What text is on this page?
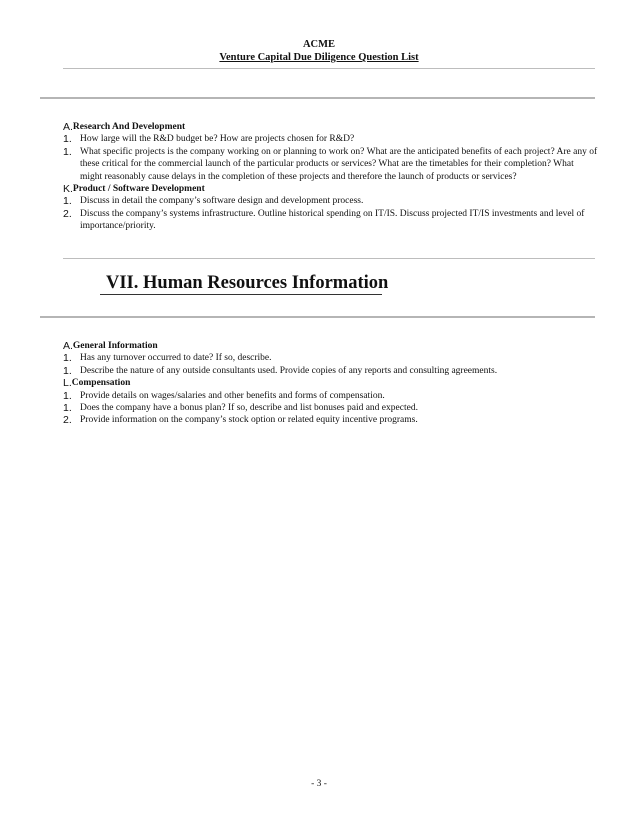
ACME
Venture Capital Due Diligence Question List
A. Research And Development
1. How large will the R&D budget be? How are projects chosen for R&D?
1. What specific projects is the company working on or planning to work on? What are the anticipated benefits of each project? Are any of these critical for the commercial launch of the particular products or services? What are the timetables for their completion? What might reasonably cause delays in the completion of these projects and therefore the launch of products or services?
K. Product / Software Development
1. Discuss in detail the company’s software design and development process.
2. Discuss the company’s systems infrastructure. Outline historical spending on IT/IS. Discuss projected IT/IS investments and level of importance/priority.
VII. Human Resources Information
A. General Information
1. Has any turnover occurred to date? If so, describe.
1. Describe the nature of any outside consultants used. Provide copies of any reports and consulting agreements.
L. Compensation
1. Provide details on wages/salaries and other benefits and forms of compensation.
1. Does the company have a bonus plan? If so, describe and list bonuses paid and expected.
2. Provide information on the company’s stock option or related equity incentive programs.
- 3 -
